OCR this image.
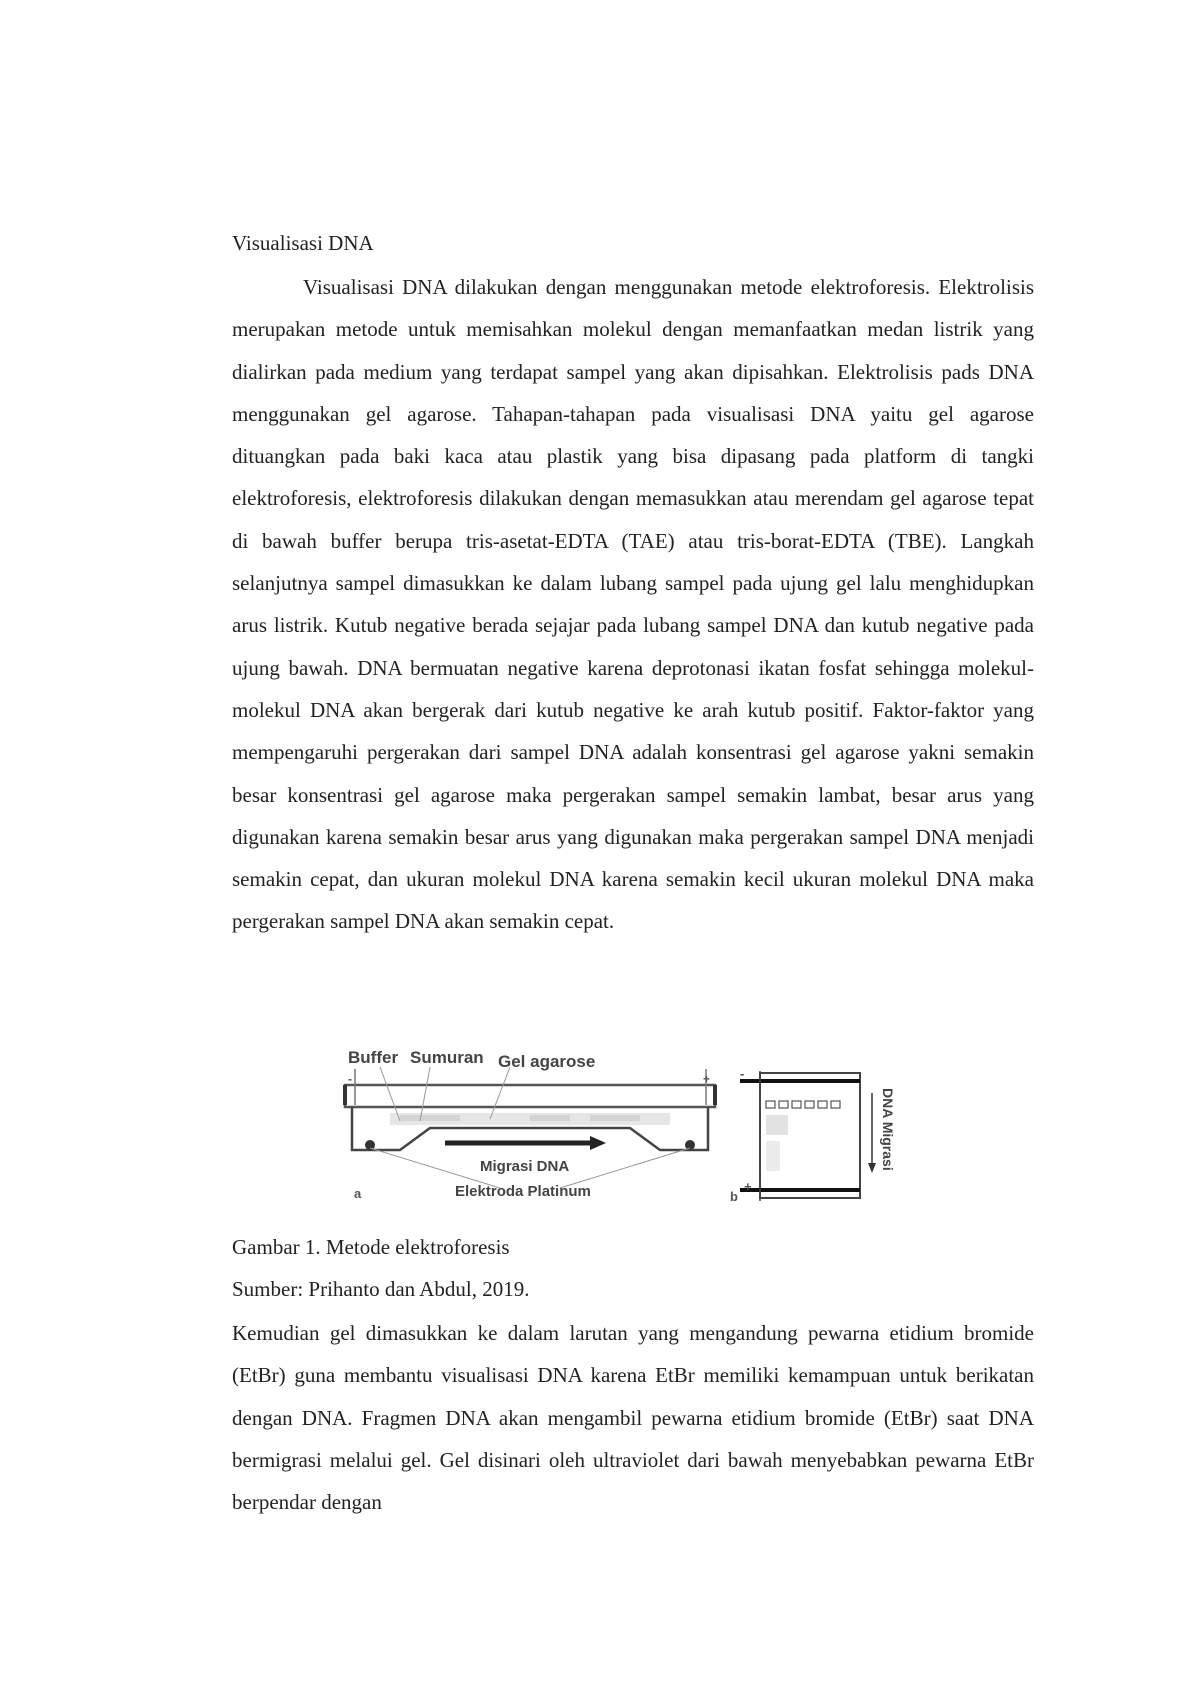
Visualisasi DNA

Visualisasi DNA dilakukan dengan menggunakan metode elektroforesis. Elektrolisis merupakan metode untuk memisahkan molekul dengan memanfaatkan medan listrik yang dialirkan pada medium yang terdapat sampel yang akan dipisahkan. Elektrolisis pads DNA menggunakan gel agarose. Tahapan-tahapan pada visualisasi DNA yaitu gel agarose dituangkan pada baki kaca atau plastik yang bisa dipasang pada platform di tangki elektroforesis, elektroforesis dilakukan dengan memasukkan atau merendam gel agarose tepat di bawah buffer berupa tris-asetat-EDTA (TAE) atau tris-borat-EDTA (TBE). Langkah selanjutnya sampel dimasukkan ke dalam lubang sampel pada ujung gel lalu menghidupkan arus listrik. Kutub negative berada sejajar pada lubang sampel DNA dan kutub negative pada ujung bawah. DNA bermuatan negative karena deprotonasi ikatan fosfat sehingga molekul-molekul DNA akan bergerak dari kutub negative ke arah kutub positif. Faktor-faktor yang mempengaruhi pergerakan dari sampel DNA adalah konsentrasi gel agarose yakni semakin besar konsentrasi gel agarose maka pergerakan sampel semakin lambat, besar arus yang digunakan karena semakin besar arus yang digunakan maka pergerakan sampel DNA menjadi semakin cepat, dan ukuran molekul DNA karena semakin kecil ukuran molekul DNA maka pergerakan sampel DNA akan semakin cepat.

Buffer Sumuran Gel agarose
-	+
Migrasi DNA
Elektroda Platinum
a
-
+
b
DNA Migrasi

Gambar 1. Metode elektroforesis

Sumber: Prihanto dan Abdul, 2019.

Kemudian gel dimasukkan ke dalam larutan yang mengandung pewarna etidium bromide (EtBr) guna membantu visualisasi DNA karena EtBr memiliki kemampuan untuk berikatan dengan DNA. Fragmen DNA akan mengambil pewarna etidium bromide (EtBr) saat DNA bermigrasi melalui gel. Gel disinari oleh ultraviolet dari bawah menyebabkan pewarna EtBr berpendar dengan
